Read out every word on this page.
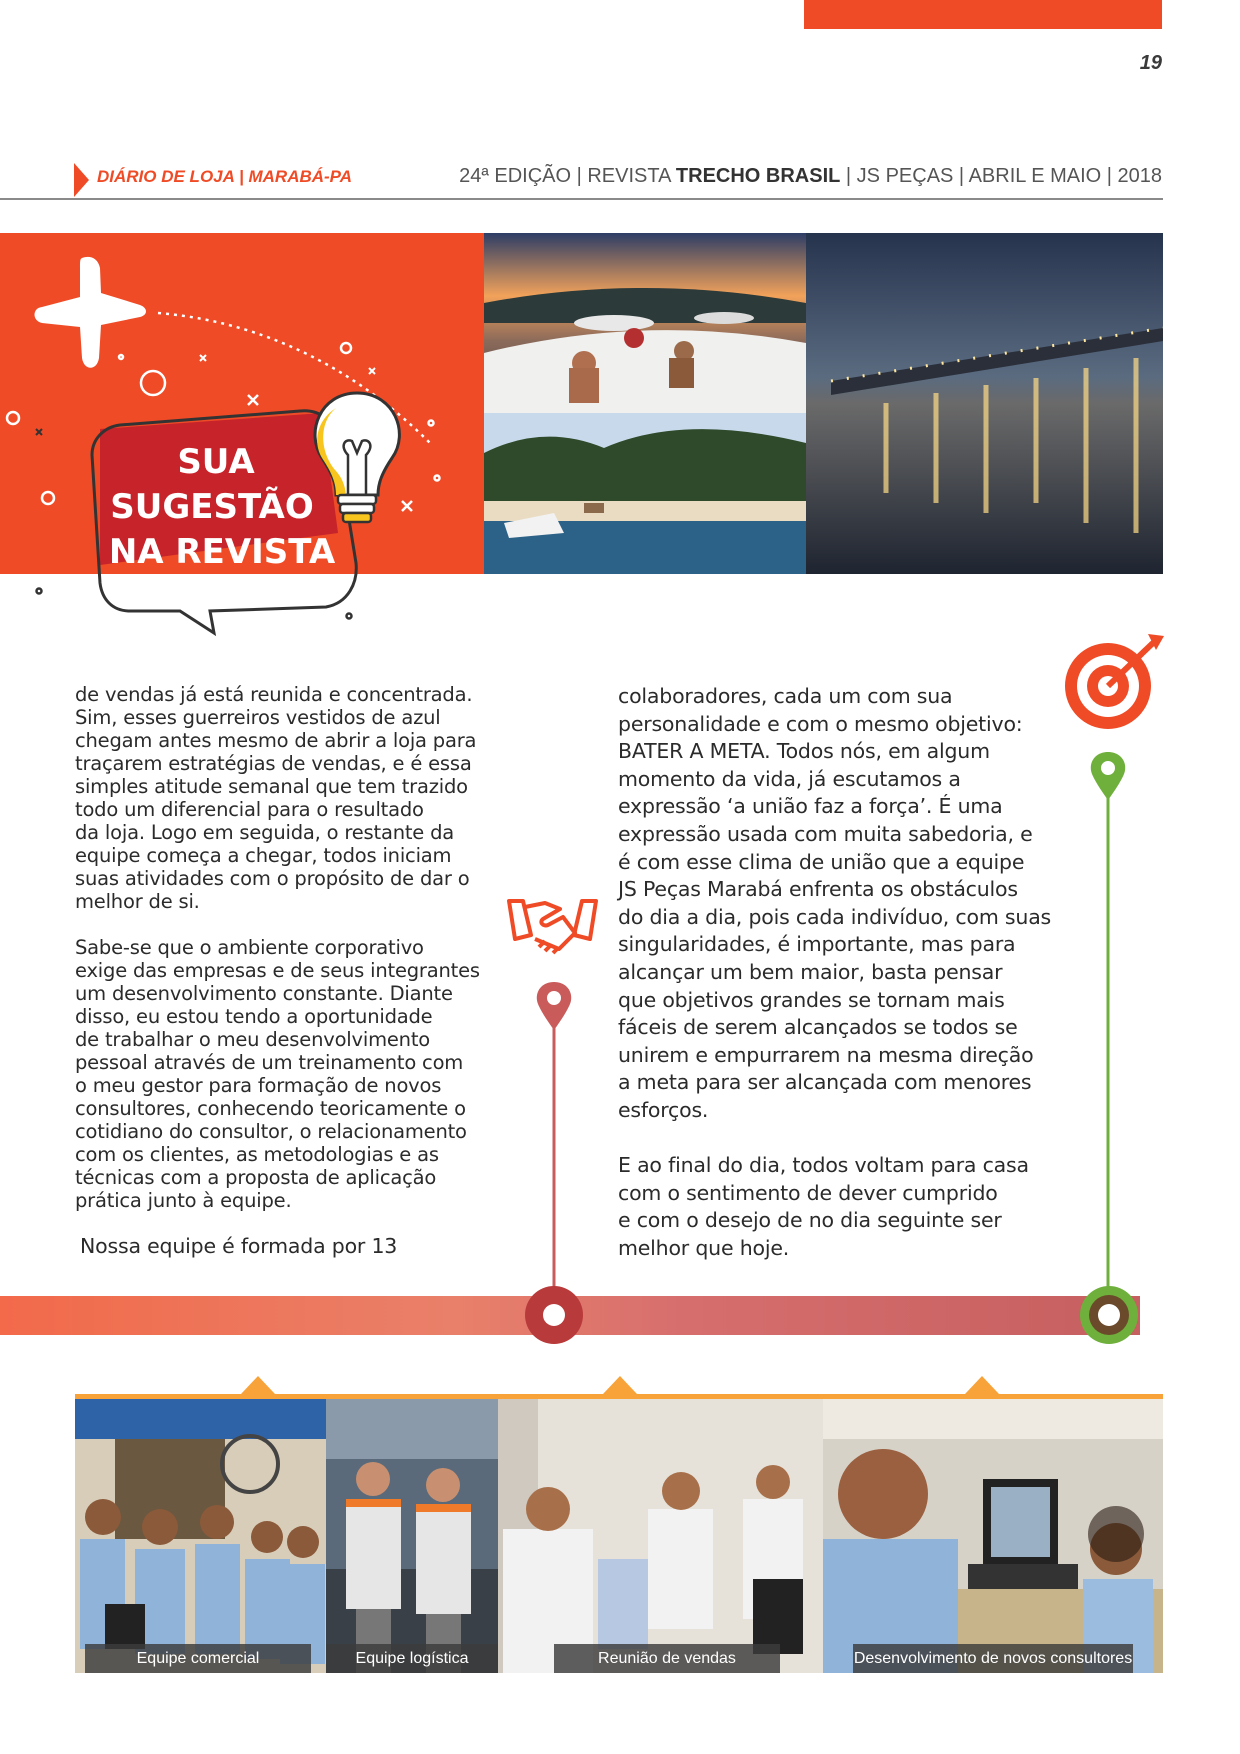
19
DIÁRIO DE LOJA | MARABÁ-PA	24ª EDIÇÃO | REVISTA TRECHO BRASIL | JS PEÇAS | ABRIL E MAIO | 2018
SUA
SUGESTÃO
NA REVISTA
de vendas já está reunida e concentrada.
Sim, esses guerreiros vestidos de azul
chegam antes mesmo de abrir a loja para
traçarem estratégias de vendas, e é essa
simples atitude semanal que tem trazido
todo um diferencial para o resultado
da loja. Logo em seguida, o restante da
equipe começa a chegar, todos iniciam
suas atividades com o propósito de dar o
melhor de si.

Sabe-se que o ambiente corporativo
exige das empresas e de seus integrantes
um desenvolvimento constante. Diante
disso, eu estou tendo a oportunidade
de trabalhar o meu desenvolvimento
pessoal através de um treinamento com
o meu gestor para formação de novos
consultores, conhecendo teoricamente o
cotidiano do consultor, o relacionamento
com os clientes, as metodologias e as
técnicas com a proposta de aplicação
prática junto à equipe.
Nossa equipe é formada por 13
colaboradores, cada um com sua
personalidade e com o mesmo objetivo:
BATER A META. Todos nós, em algum
momento da vida, já escutamos a
expressão ‘a união faz a força’. É uma
expressão usada com muita sabedoria, e
é com esse clima de união que a equipe
JS Peças Marabá enfrenta os obstáculos
do dia a dia, pois cada indivíduo, com suas
singularidades, é importante, mas para
alcançar um bem maior, basta pensar
que objetivos grandes se tornam mais
fáceis de serem alcançados se todos se
unirem e empurrarem na mesma direção
a meta para ser alcançada com menores
esforços.

E ao final do dia, todos voltam para casa
com o sentimento de dever cumprido
e com o desejo de no dia seguinte ser
melhor que hoje.
Equipe comercial	Equipe logística	Reunião de vendas	Desenvolvimento de novos consultores
